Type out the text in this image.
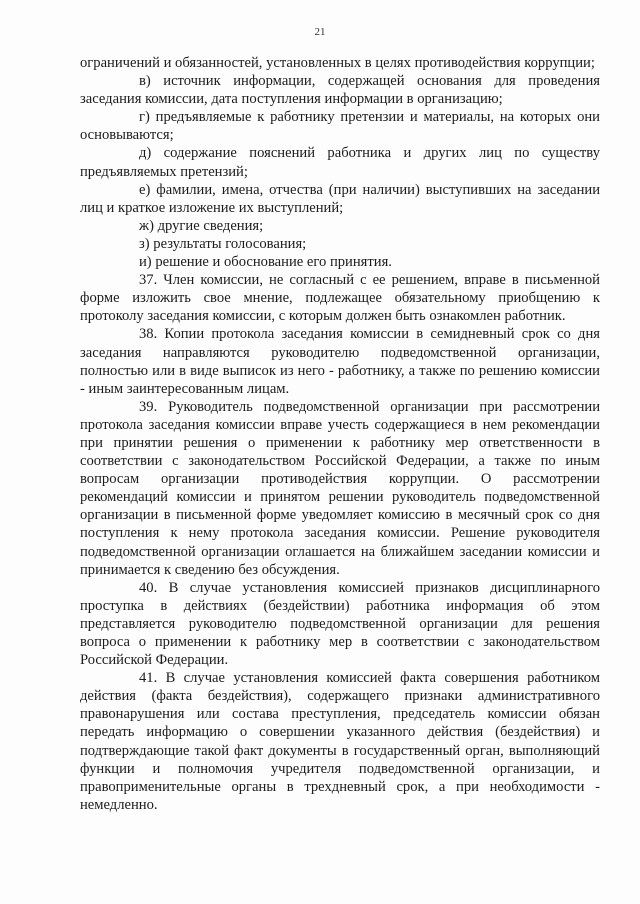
21

ограничений и обязанностей, установленных в целях противодействия коррупции;

в) источник информации, содержащей основания для проведения заседания комиссии, дата поступления информации в организацию;

г) предъявляемые к работнику претензии и материалы, на которых они основываются;

д) содержание пояснений работника и других лиц по существу предъявляемых претензий;

е) фамилии, имена, отчества (при наличии) выступивших на заседании лиц и краткое изложение их выступлений;

ж) другие сведения;

з) результаты голосования;

и) решение и обоснование его принятия.

37. Член комиссии, не согласный с ее решением, вправе в письменной форме изложить свое мнение, подлежащее обязательному приобщению к протоколу заседания комиссии, с которым должен быть ознакомлен работник.

38. Копии протокола заседания комиссии в семидневный срок со дня заседания направляются руководителю подведомственной организации, полностью или в виде выписок из него - работнику, а также по решению комиссии - иным заинтересованным лицам.

39. Руководитель подведомственной организации при рассмотрении протокола заседания комиссии вправе учесть содержащиеся в нем рекомендации при принятии решения о применении к работнику мер ответственности в соответствии с законодательством Российской Федерации, а также по иным вопросам организации противодействия коррупции. О рассмотрении рекомендаций комиссии и принятом решении руководитель подведомственной организации в письменной форме уведомляет комиссию в месячный срок со дня поступления к нему протокола заседания комиссии. Решение руководителя подведомственной организации оглашается на ближайшем заседании комиссии и принимается к сведению без обсуждения.

40. В случае установления комиссией признаков дисциплинарного проступка в действиях (бездействии) работника информация об этом представляется руководителю подведомственной организации для решения вопроса о применении к работнику мер в соответствии с законодательством Российской Федерации.

41. В случае установления комиссией факта совершения работником действия (факта бездействия), содержащего признаки административного правонарушения или состава преступления, председатель комиссии обязан передать информацию о совершении указанного действия (бездействия) и подтверждающие такой факт документы в государственный орган, выполняющий функции и полномочия учредителя подведомственной организации, и правоприменительные органы в трехдневный срок, а при необходимости - немедленно.
